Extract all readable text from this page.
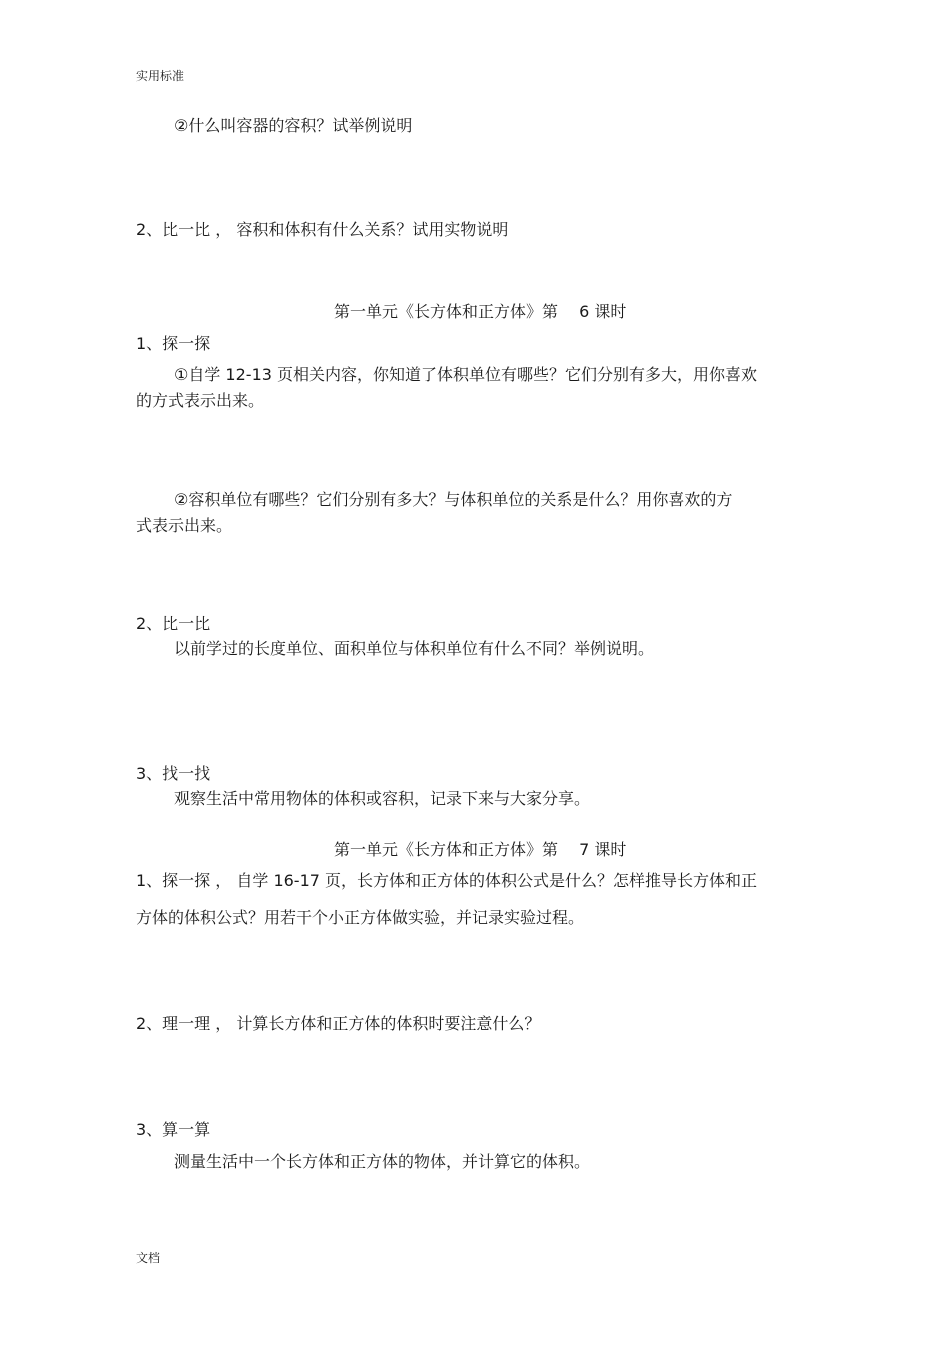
实用标准
②什么叫容器的容积？试举例说明
2、比一比 ， 容积和体积有什么关系？试用实物说明
第一单元《长方体和正方体》第　 6 课时
1、探一探
①自学 12-13 页相关内容，你知道了体积单位有哪些？它们分别有多大，用你喜欢
的方式表示出来。
②容积单位有哪些？它们分别有多大？与体积单位的关系是什么？用你喜欢的方
式表示出来。
2、比一比
以前学过的长度单位、面积单位与体积单位有什么不同？举例说明。
3、找一找
观察生活中常用物体的体积或容积，记录下来与大家分享。
第一单元《长方体和正方体》第　 7 课时
1、探一探 ， 自学 16-17 页，长方体和正方体的体积公式是什么？怎样推导长方体和正
方体的体积公式？用若干个小正方体做实验，并记录实验过程。
2、理一理 ， 计算长方体和正方体的体积时要注意什么？
3、算一算
测量生活中一个长方体和正方体的物体，并计算它的体积。
文档
